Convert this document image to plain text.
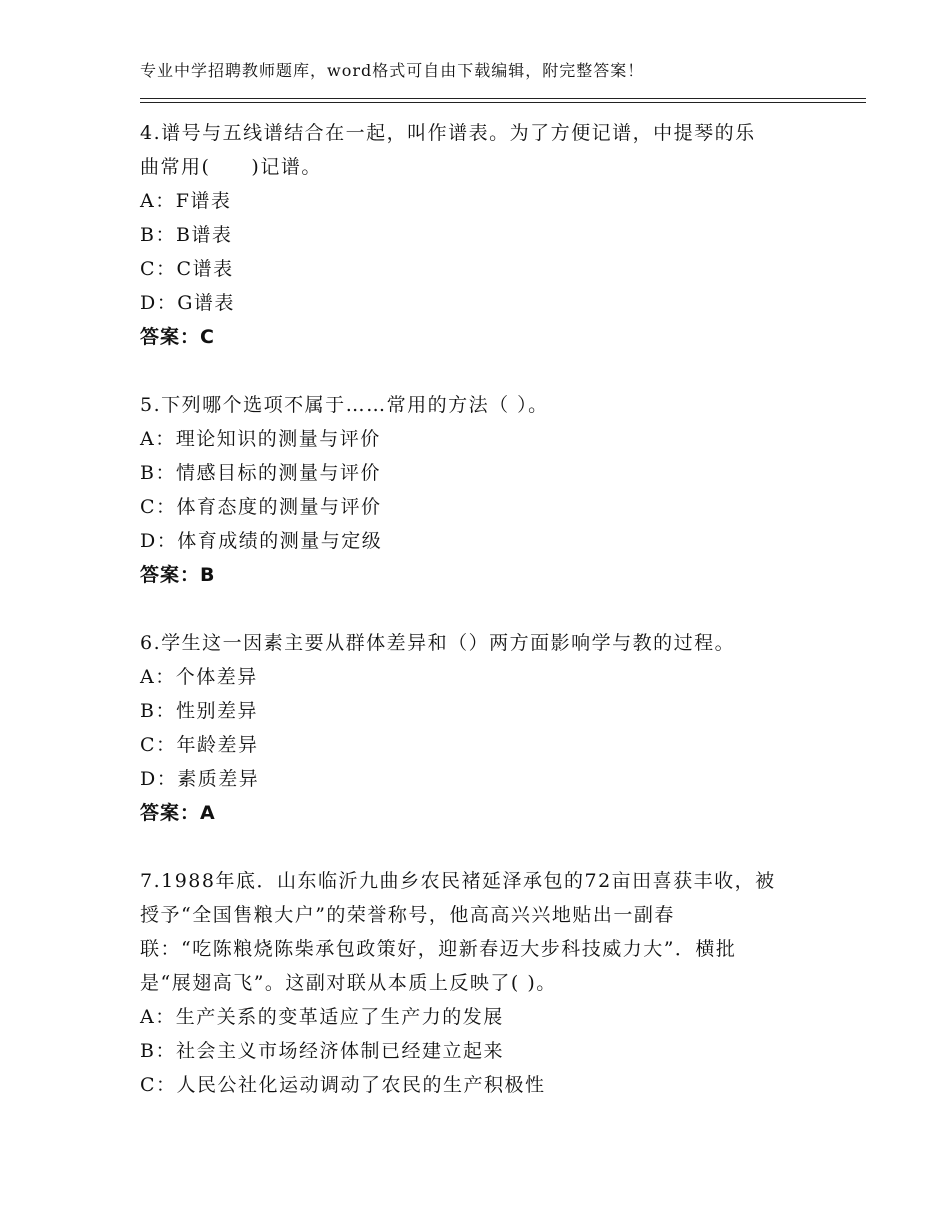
专业中学招聘教师题库，word格式可自由下载编辑，附完整答案！
4.谱号与五线谱结合在一起，叫作谱表。为了方便记谱，中提琴的乐
曲常用(　　)记谱。
A：F谱表
B：B谱表
C：C谱表
D：G谱表
答案：C
5.下列哪个选项不属于……常用的方法（ ）。
A：理论知识的测量与评价
B：情感目标的测量与评价
C：体育态度的测量与评价
D：体育成绩的测量与定级
答案：B
6.学生这一因素主要从群体差异和（）两方面影响学与教的过程。
A：个体差异
B：性别差异
C：年龄差异
D：素质差异
答案：A
7.1988年底．山东临沂九曲乡农民褚延泽承包的72亩田喜获丰收，被
授予“全国售粮大户”的荣誉称号，他高高兴兴地贴出一副春
联：“吃陈粮烧陈柴承包政策好，迎新春迈大步科技威力大”．横批
是“展翅高飞”。这副对联从本质上反映了( )。
A：生产关系的变革适应了生产力的发展
B：社会主义市场经济体制已经建立起来
C：人民公社化运动调动了农民的生产积极性
